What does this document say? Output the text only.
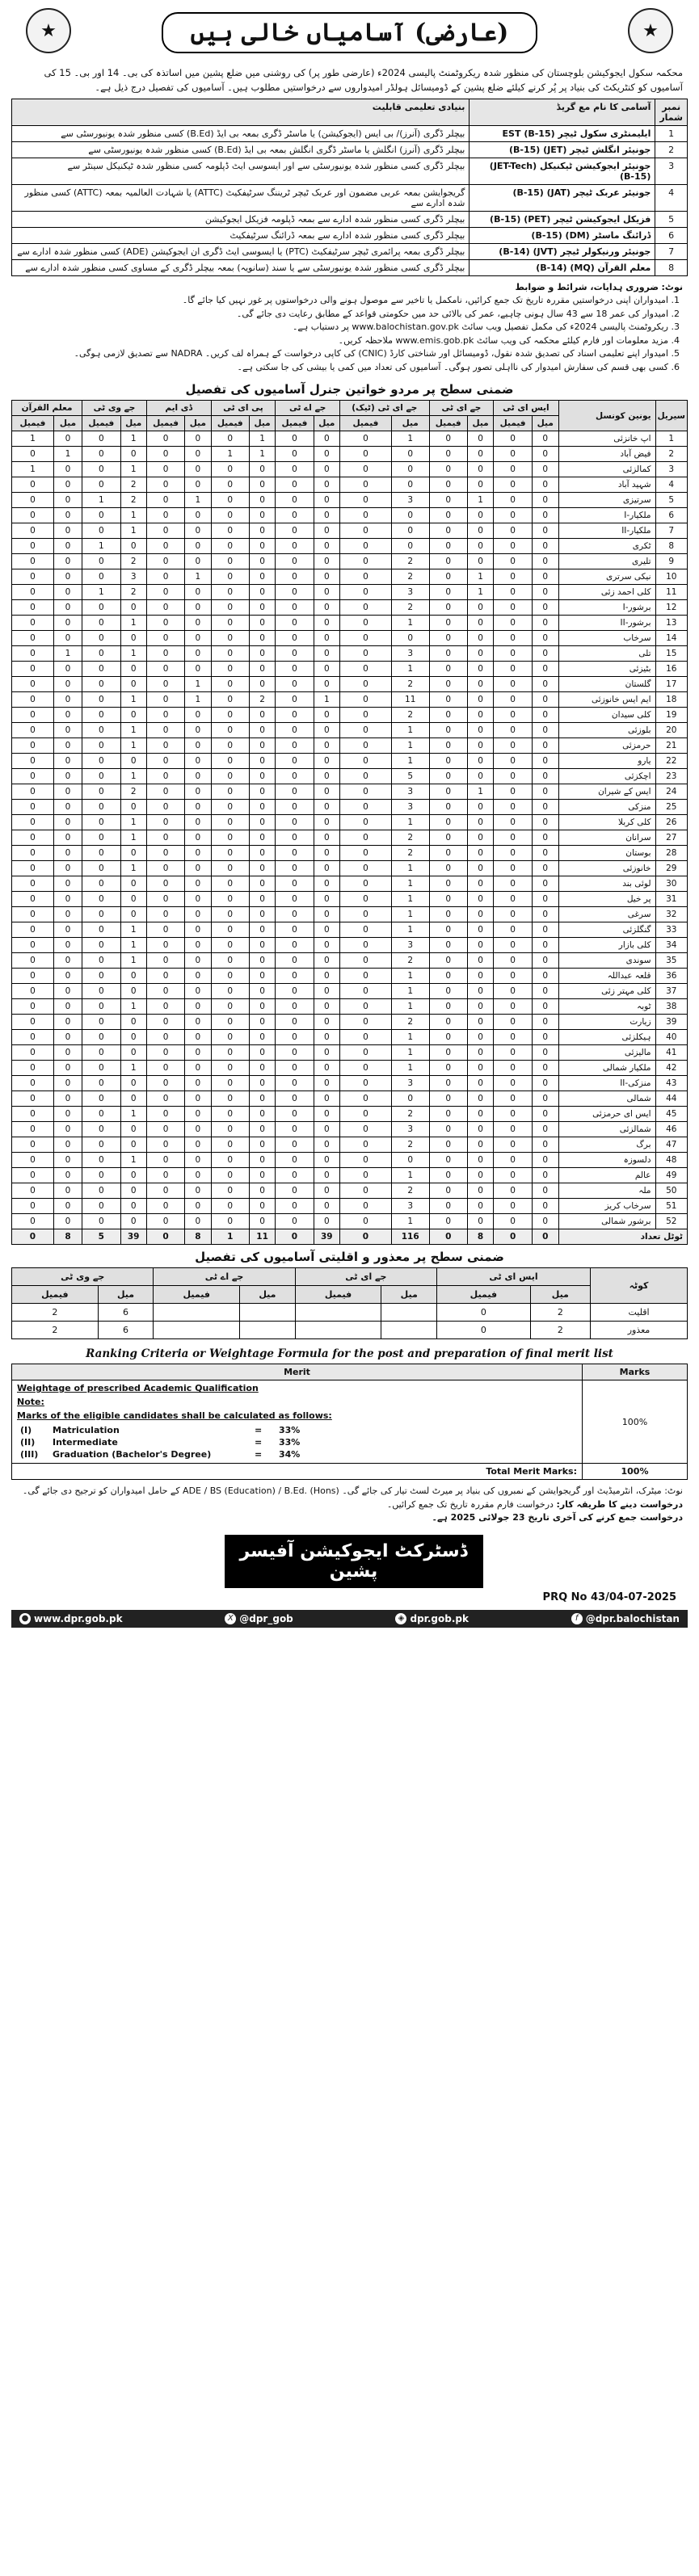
★	(عارضی) آسامیاں خالی ہیں	★

محکمہ سکول ایجوکیشن بلوچستان کی منظور شدہ ریکروٹمنٹ پالیسی 2024ء (عارضی طور پر) کی روشنی میں ضلع پشین میں اساتذہ کی بی۔ 14 اور بی۔ 15 کی آسامیوں کو کنٹریکٹ کی بنیاد پر پُر کرنے کیلئے ضلع پشین کے ڈومیسائل ہولڈر امیدواروں سے درخواستیں مطلوب ہیں۔ آسامیوں کی تفصیل درج ذیل ہے۔

نمبر شمار	آسامی کا نام مع گریڈ	بنیادی تعلیمی قابلیت
1	ایلیمنٹری سکول ٹیچر EST (B-15)	بیچلر ڈگری (آنرز)/ بی ایس (ایجوکیشن) یا ماسٹر ڈگری بمعہ بی ایڈ (B.Ed) کسی منظور شدہ یونیورسٹی سے
2	جونیئر انگلش ٹیچر (JET) (B-15)	بیچلر ڈگری (آنرز) انگلش یا ماسٹر ڈگری انگلش بمعہ بی ایڈ (B.Ed) کسی منظور شدہ یونیورسٹی سے
3	جونیئر ایجوکیشن ٹیکنیکل (JET-Tech) (B-15)	بیچلر ڈگری کسی منظور شدہ یونیورسٹی سے اور ایسوسی ایٹ ڈپلومہ کسی منظور شدہ ٹیکنیکل سینٹر سے
4	جونیئر عربک ٹیچر (JAT) (B-15)	گریجوایشن بمعہ عربی مضمون اور عربک ٹیچر ٹریننگ سرٹیفکیٹ (ATTC) یا شہادت العالمیہ بمعہ (ATTC) کسی منظور شدہ ادارے سے
5	فزیکل ایجوکیشن ٹیچر (PET) (B-15)	بیچلر ڈگری کسی منظور شدہ ادارے سے بمعہ ڈپلومہ فزیکل ایجوکیشن
6	ڈرائنگ ماسٹر (DM) (B-15)	بیچلر ڈگری کسی منظور شدہ ادارے سے بمعہ ڈرائنگ سرٹیفکیٹ
7	جونیئر ورنیکولر ٹیچر (JVT) (B-14)	بیچلر ڈگری بمعہ پرائمری ٹیچر سرٹیفکیٹ (PTC) یا ایسوسی ایٹ ڈگری ان ایجوکیشن (ADE) کسی منظور شدہ ادارے سے
8	معلم القرآن (MQ) (B-14)	بیچلر ڈگری کسی منظور شدہ یونیورسٹی سے یا سند (سانویہ) بمعہ بیچلر ڈگری کے مساوی کسی منظور شدہ ادارے سے
نوٹ: ضروری ہدایات، شرائط و ضوابط
1. امیدواران اپنی درخواستیں مقررہ تاریخ تک جمع کرائیں، نامکمل یا تاخیر سے موصول ہونے والی درخواستوں پر غور نہیں کیا جائے گا۔
2. امیدوار کی عمر 18 سے 43 سال ہونی چاہیے، عمر کی بالائی حد میں حکومتی قواعد کے مطابق رعایت دی جائے گی۔
3. ریکروٹمنٹ پالیسی 2024ء کی مکمل تفصیل ویب سائٹ www.balochistan.gov.pk پر دستیاب ہے۔
4. مزید معلومات اور فارم کیلئے محکمہ کی ویب سائٹ www.emis.gob.pk ملاحظہ کریں۔
5. امیدوار اپنے تعلیمی اسناد کی تصدیق شدہ نقول، ڈومیسائل اور شناختی کارڈ (CNIC) کی کاپی درخواست کے ہمراہ لف کریں۔ NADRA سے تصدیق لازمی ہوگی۔
6. کسی بھی قسم کی سفارش امیدوار کی نااہلی تصور ہوگی۔ آسامیوں کی تعداد میں کمی یا بیشی کی جا سکتی ہے۔
ضمنی سطح پر مردو خواتین جنرل آسامیوں کی تفصیل
سیریل	یونین کونسل	ایس ای ٹی		جے ای ٹی		جے ای ٹی (ٹیک)		جے اے ٹی		پی ای ٹی		ڈی ایم		جے وی ٹی		معلم القرآن	
		میل	فیمیل	میل	فیمیل	میل	فیمیل	میل	فیمیل	میل	فیمیل	میل	فیمیل	میل	فیمیل	میل	فیمیل
1	اپ خانزئی	0	0	0	0	1	0	0	0	1	0	0	0	1	0	0	1
2	فیض آباد	0	0	0	0	0	0	0	0	1	1	0	0	0	0	1	0
3	کمالزئی	0	0	0	0	0	0	0	0	0	0	0	0	1	0	0	1
4	شہید آباد	0	0	0	0	0	0	0	0	0	0	0	0	2	0	0	0
5	سرتیزی	0	0	1	0	3	0	0	0	0	0	1	0	2	1	0	0
6	ملکیار-I	0	0	0	0	0	0	0	0	0	0	0	0	1	0	0	0
7	ملکیار-II	0	0	0	0	0	0	0	0	0	0	0	0	1	0	0	0
8	ٹکری	0	0	0	0	0	0	0	0	0	0	0	0	0	1	0	0
9	تلیری	0	0	0	0	2	0	0	0	0	0	0	0	2	0	0	0
10	نیکی سرتری	0	0	1	0	2	0	0	0	0	0	1	0	3	0	0	0
11	کلی احمد زئی	0	0	1	0	3	0	0	0	0	0	0	0	2	1	0	0
12	برشور-I	0	0	0	0	2	0	0	0	0	0	0	0	0	0	0	0
13	برشور-II	0	0	0	0	1	0	0	0	0	0	0	0	1	0	0	0
14	سرخاب	0	0	0	0	0	0	0	0	0	0	0	0	0	0	0	0
15	تلی	0	0	0	0	3	0	0	0	0	0	0	0	1	0	1	0
16	بٹیزئی	0	0	0	0	1	0	0	0	0	0	0	0	0	0	0	0
17	گلستان	0	0	0	0	2	0	0	0	0	0	1	0	0	0	0	0
18	ایم ایس خانوزئی	0	0	0	0	11	0	1	0	2	0	1	0	1	0	0	0
19	کلی سیدان	0	0	0	0	2	0	0	0	0	0	0	0	0	0	0	0
20	بلوزئی	0	0	0	0	1	0	0	0	0	0	0	0	1	0	0	0
21	حرمزئی	0	0	0	0	1	0	0	0	0	0	0	0	1	0	0	0
22	یارو	0	0	0	0	1	0	0	0	0	0	0	0	0	0	0	0
23	اچکزئی	0	0	0	0	5	0	0	0	0	0	0	0	1	0	0	0
24	ایس کے شیران	0	0	1	0	3	0	0	0	0	0	0	0	2	0	0	0
25	منزکی	0	0	0	0	3	0	0	0	0	0	0	0	0	0	0	0
26	کلی کربلا	0	0	0	0	1	0	0	0	0	0	0	0	1	0	0	0
27	سرانان	0	0	0	0	2	0	0	0	0	0	0	0	1	0	0	0
28	بوستان	0	0	0	0	2	0	0	0	0	0	0	0	0	0	0	0
29	خانوزئی	0	0	0	0	1	0	0	0	0	0	0	0	1	0	0	0
30	لوئی بند	0	0	0	0	1	0	0	0	0	0	0	0	0	0	0	0
31	پر خیل	0	0	0	0	1	0	0	0	0	0	0	0	0	0	0	0
32	سرغی	0	0	0	0	1	0	0	0	0	0	0	0	0	0	0	0
33	گنگلزئی	0	0	0	0	1	0	0	0	0	0	0	0	1	0	0	0
34	کلی بازار	0	0	0	0	3	0	0	0	0	0	0	0	1	0	0	0
35	سوندی	0	0	0	0	2	0	0	0	0	0	0	0	1	0	0	0
36	قلعہ عبداللہ	0	0	0	0	1	0	0	0	0	0	0	0	0	0	0	0
37	کلی مہتر زئی	0	0	0	0	1	0	0	0	0	0	0	0	0	0	0	0
38	ٹوبہ	0	0	0	0	1	0	0	0	0	0	0	0	1	0	0	0
39	زیارت	0	0	0	0	2	0	0	0	0	0	0	0	0	0	0	0
40	ہیکلزئی	0	0	0	0	1	0	0	0	0	0	0	0	0	0	0	0
41	مالیزئی	0	0	0	0	1	0	0	0	0	0	0	0	0	0	0	0
42	ملکیار شمالی	0	0	0	0	1	0	0	0	0	0	0	0	1	0	0	0
43	منزکی-II	0	0	0	0	3	0	0	0	0	0	0	0	0	0	0	0
44	شمالی	0	0	0	0	0	0	0	0	0	0	0	0	0	0	0	0
45	ایس ای حرمزئی	0	0	0	0	2	0	0	0	0	0	0	0	1	0	0	0
46	شمالزئی	0	0	0	0	3	0	0	0	0	0	0	0	0	0	0	0
47	برگ	0	0	0	0	2	0	0	0	0	0	0	0	0	0	0	0
48	دلسوزہ	0	0	0	0	0	0	0	0	0	0	0	0	1	0	0	0
49	عالم	0	0	0	0	1	0	0	0	0	0	0	0	0	0	0	0
50	ملہ	0	0	0	0	2	0	0	0	0	0	0	0	0	0	0	0
51	سرخاب کریز	0	0	0	0	3	0	0	0	0	0	0	0	0	0	0	0
52	برشور شمالی	0	0	0	0	1	0	0	0	0	0	0	0	0	0	0	0
ٹوٹل تعداد		0	0	8	0	116	0	39	0	11	1	8	0	39	5	8	0
ضمنی سطح پر معذور و اقلیتی آسامیوں کی تفصیل
کوٹہ	ایس ای ٹی		جے ای ٹی		جے اے ٹی		جے وی ٹی	
	میل	فیمیل	میل	فیمیل	میل	فیمیل	میل	فیمیل
اقلیت	2	0					6	2
معذور	2	0					6	2
Ranking Criteria or Weightage Formula for the post and preparation of final merit list
Merit	Marks

Weightage of prescribed Academic Qualification
Note:
Marks of the eligible candidates shall be calculated as follows:
(I)	Matriculation	=	33%
(II)	Intermediate	=	33%
(III)	Graduation (Bachelor's Degree)	=	34%
	100%
Total Merit Marks:	100%

نوٹ: میٹرک، انٹرمیڈیٹ اور گریجوایشن کے نمبروں کی بنیاد پر میرٹ لسٹ تیار کی جائے گی۔ ADE / BS (Education) / B.Ed. (Hons) کے حامل امیدواران کو ترجیح دی جائے گی۔

درخواست دینے کا طریقہ کار: درخواست فارم مقررہ تاریخ تک جمع کرائیں۔

درخواست جمع کرنے کی آخری تاریخ 23 جولائی 2025 ہے۔

ڈسٹرکٹ ایجوکیشن آفیسر پشین
PRQ No 43/04-07-2025
● www.dpr.gob.pk	X @dpr_gob	◈ dpr.gob.pk	f @dpr.balochistan
